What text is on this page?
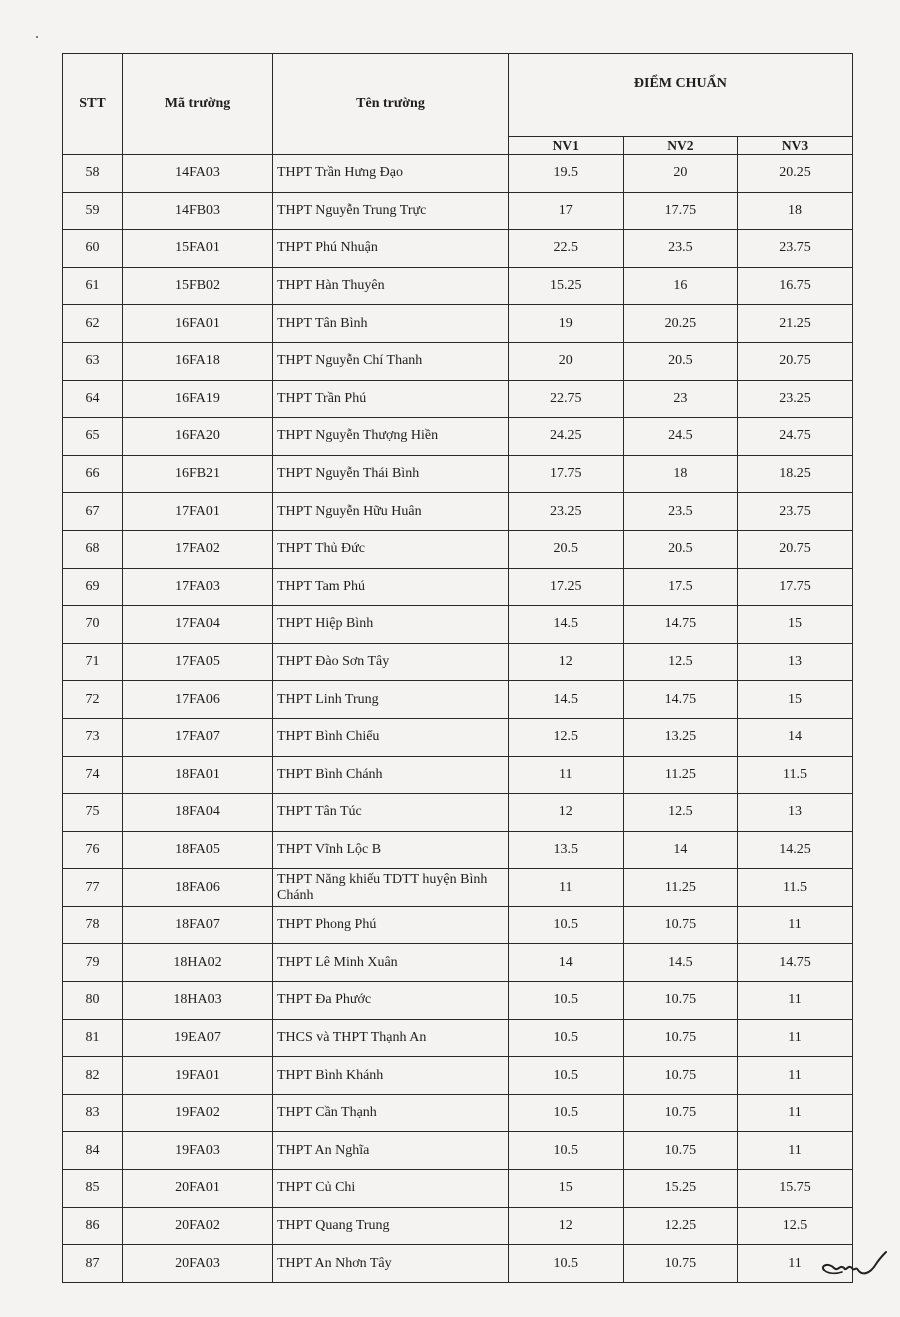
STT	Mã trường	Tên trường	ĐIỂM CHUẨN		
			NV1	NV2	NV3
58	14FA03	THPT Trần Hưng Đạo	19.5	20	20.25
59	14FB03	THPT Nguyễn Trung Trực	17	17.75	18
60	15FA01	THPT Phú Nhuận	22.5	23.5	23.75
61	15FB02	THPT Hàn Thuyên	15.25	16	16.75
62	16FA01	THPT Tân Bình	19	20.25	21.25
63	16FA18	THPT Nguyễn Chí Thanh	20	20.5	20.75
64	16FA19	THPT Trần Phú	22.75	23	23.25
65	16FA20	THPT Nguyễn Thượng Hiền	24.25	24.5	24.75
66	16FB21	THPT Nguyễn Thái Bình	17.75	18	18.25
67	17FA01	THPT Nguyễn Hữu Huân	23.25	23.5	23.75
68	17FA02	THPT Thủ Đức	20.5	20.5	20.75
69	17FA03	THPT Tam Phú	17.25	17.5	17.75
70	17FA04	THPT Hiệp Bình	14.5	14.75	15
71	17FA05	THPT Đào Sơn Tây	12	12.5	13
72	17FA06	THPT Linh Trung	14.5	14.75	15
73	17FA07	THPT Bình Chiểu	12.5	13.25	14
74	18FA01	THPT Bình Chánh	11	11.25	11.5
75	18FA04	THPT Tân Túc	12	12.5	13
76	18FA05	THPT Vĩnh Lộc B	13.5	14	14.25
77	18FA06	THPT Năng khiếu TDTT huyện Bình Chánh	11	11.25	11.5
78	18FA07	THPT Phong Phú	10.5	10.75	11
79	18HA02	THPT Lê Minh Xuân	14	14.5	14.75
80	18HA03	THPT Đa Phước	10.5	10.75	11
81	19EA07	THCS và THPT Thạnh An	10.5	10.75	11
82	19FA01	THPT Bình Khánh	10.5	10.75	11
83	19FA02	THPT Cần Thạnh	10.5	10.75	11
84	19FA03	THPT An Nghĩa	10.5	10.75	11
85	20FA01	THPT Củ Chi	15	15.25	15.75
86	20FA02	THPT Quang Trung	12	12.25	12.5
87	20FA03	THPT An Nhơn Tây	10.5	10.75	11
